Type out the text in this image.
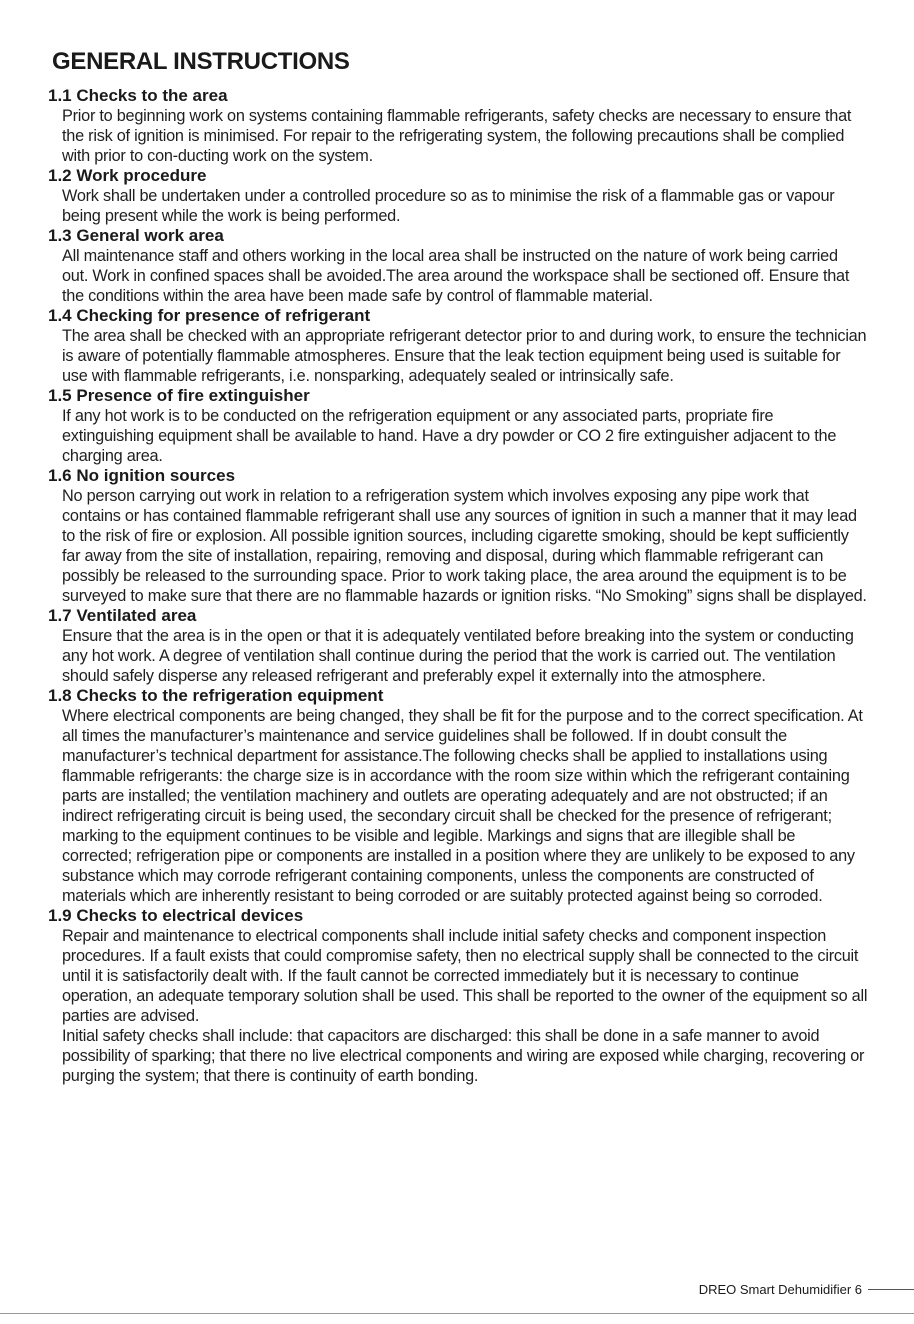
GENERAL INSTRUCTIONS
1.1 Checks to the area
Prior to beginning work on systems containing flammable refrigerants, safety checks are necessary to ensure that the risk of ignition is minimised. For repair to the refrigerating system, the following precautions shall be complied with prior to con-ducting work on the system.
1.2 Work procedure
Work shall be undertaken under a controlled procedure so as to minimise the risk of a flammable gas or vapour being present while the work is being performed.
1.3 General work area
All maintenance staff and others working in the local area shall be instructed on the nature of work being carried out. Work in confined spaces shall be avoided.The area around the workspace shall be sectioned off. Ensure that the conditions within the area have been made safe by control of flammable material.
1.4 Checking for presence of refrigerant
The area shall be checked with an appropriate refrigerant detector prior to and during work, to ensure the technician is aware of potentially flammable atmospheres. Ensure that the leak tection equipment being used is suitable for use with flammable refrigerants, i.e. nonsparking, adequately sealed or intrinsically safe.
1.5 Presence of fire extinguisher
If any hot work is to be conducted on the refrigeration equipment or any associated parts, propriate fire extinguishing equipment shall be available to hand. Have a dry powder or CO 2 fire extinguisher adjacent to the charging area.
1.6 No ignition sources
No person carrying out work in relation to a refrigeration system which involves exposing any pipe work that contains or has contained flammable refrigerant shall use any sources of ignition in such a manner that it may lead to the risk of fire or explosion. All possible ignition sources, including cigarette smoking, should be kept sufficiently far away from the site of installation, repairing, removing and disposal, during which flammable refrigerant can possibly be released to the surrounding space. Prior to work taking place, the area around the equipment is to be surveyed to make sure that there are no flammable hazards or ignition risks. “No Smoking” signs shall be displayed.
1.7 Ventilated area
Ensure that the area is in the open or that it is adequately ventilated before breaking into the system or conducting any hot work. A degree of ventilation shall continue during the period that the work is carried out. The ventilation should safely disperse any released refrigerant and preferably expel it externally into the atmosphere.
1.8 Checks to the refrigeration equipment
Where electrical components are being changed, they shall be fit for the purpose and to the correct specification. At all times the manufacturer’s maintenance and service guidelines shall be followed. If in doubt consult the manufacturer’s technical department for assistance.The following checks shall be applied to installations using flammable refrigerants: the charge size is in accordance with the room size within which the refrigerant containing parts are installed; the ventilation machinery and outlets are operating adequately and are not obstructed; if an indirect refrigerating circuit is being used, the secondary circuit shall be checked for the presence of refrigerant; marking to the equipment continues to be visible and legible. Markings and signs that are illegible shall be corrected; refrigeration pipe or components are installed in a position where they are unlikely to be exposed to any substance which may corrode refrigerant containing components, unless the components are constructed of materials which are inherently resistant to being corroded or are suitably protected against being so corroded.
1.9 Checks to electrical devices
Repair and maintenance to electrical components shall include initial safety checks and component inspection procedures. If a fault exists that could compromise safety, then no electrical supply shall be connected to the circuit until it is satisfactorily dealt with. If the fault cannot be corrected immediately but it is necessary to continue operation, an adequate temporary solution shall be used. This shall be reported to the owner of the equipment so all parties are advised.
Initial safety checks shall include: that capacitors are discharged: this shall be done in a safe manner to avoid possibility of sparking; that there no live electrical components and wiring are exposed while charging, recovering or purging the system; that there is continuity of earth bonding.
DREO Smart Dehumidifier 6
